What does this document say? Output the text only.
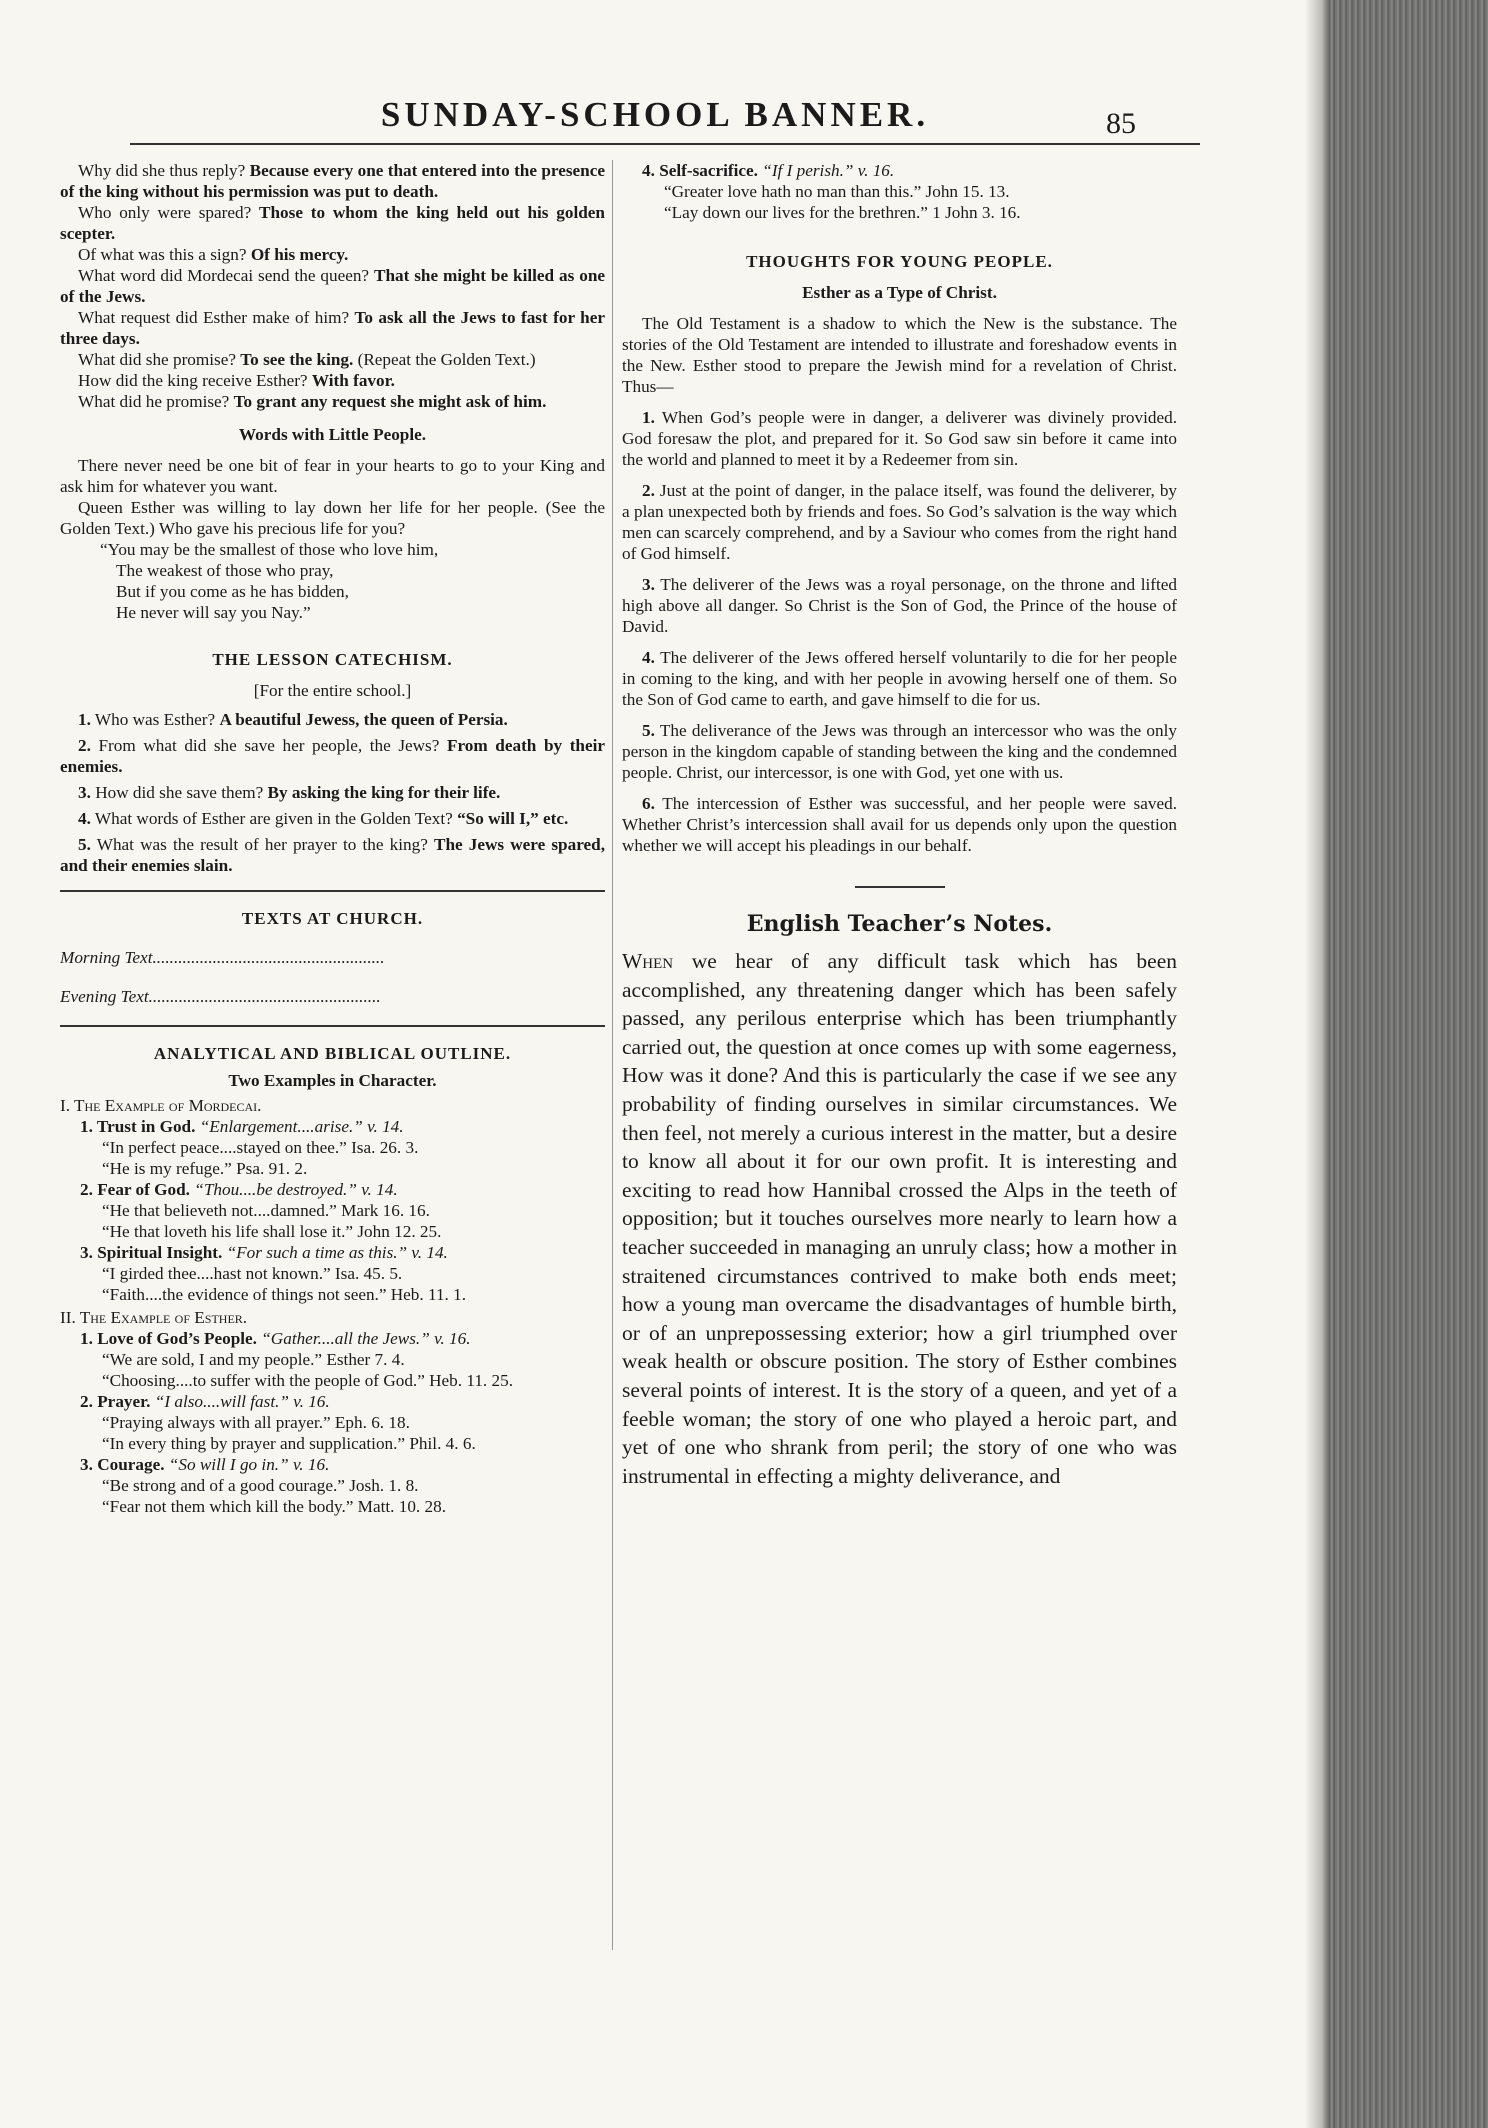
SUNDAY-SCHOOL BANNER.	85

Why did she thus reply? Because every one that entered into the presence of the king without his permission was put to death.

Who only were spared? Those to whom the king held out his golden scepter.

Of what was this a sign? Of his mercy.

What word did Mordecai send the queen? That she might be killed as one of the Jews.

What request did Esther make of him? To ask all the Jews to fast for her three days.

What did she promise? To see the king. (Repeat the Golden Text.)

How did the king receive Esther? With favor.

What did he promise? To grant any request she might ask of him.

Words with Little People.

There never need be one bit of fear in your hearts to go to your King and ask him for whatever you want.

Queen Esther was willing to lay down her life for her people. (See the Golden Text.) Who gave his precious life for you?

“You may be the smallest of those who love him,
The weakest of those who pray,
But if you come as he has bidden,
He never will say you Nay.”
THE LESSON CATECHISM.
[For the entire school.]

1. Who was Esther? A beautiful Jewess, the queen of Persia.

2. From what did she save her people, the Jews? From death by their enemies.

3. How did she save them? By asking the king for their life.

4. What words of Esther are given in the Golden Text? “So will I,” etc.

5. What was the result of her prayer to the king? The Jews were spared, and their enemies slain.

TEXTS AT CHURCH.
Morning Text......................................................
Evening Text......................................................
ANALYTICAL AND BIBLICAL OUTLINE.
Two Examples in Character.
I. The Example of Mordecai.
1. Trust in God. “Enlargement....arise.” v. 14.
“In perfect peace....stayed on thee.” Isa. 26. 3.
“He is my refuge.” Psa. 91. 2.
2. Fear of God. “Thou....be destroyed.” v. 14.
“He that believeth not....damned.” Mark 16. 16.
“He that loveth his life shall lose it.” John 12. 25.
3. Spiritual Insight. “For such a time as this.” v. 14.
“I girded thee....hast not known.” Isa. 45. 5.
“Faith....the evidence of things not seen.” Heb. 11. 1.
II. The Example of Esther.
1. Love of God’s People. “Gather....all the Jews.” v. 16.
“We are sold, I and my people.” Esther 7. 4.
“Choosing....to suffer with the people of God.” Heb. 11. 25.
2. Prayer. “I also....will fast.” v. 16.
“Praying always with all prayer.” Eph. 6. 18.
“In every thing by prayer and supplication.” Phil. 4. 6.
3. Courage. “So will I go in.” v. 16.
“Be strong and of a good courage.” Josh. 1. 8.
“Fear not them which kill the body.” Matt. 10. 28.
4. Self-sacrifice. “If I perish.” v. 16.
“Greater love hath no man than this.” John 15. 13.
“Lay down our lives for the brethren.” 1 John 3. 16.
THOUGHTS FOR YOUNG PEOPLE.
Esther as a Type of Christ.

The Old Testament is a shadow to which the New is the substance. The stories of the Old Testament are intended to illustrate and foreshadow events in the New. Esther stood to prepare the Jewish mind for a revelation of Christ. Thus—

1. When God’s people were in danger, a deliverer was divinely provided. God foresaw the plot, and prepared for it. So God saw sin before it came into the world and planned to meet it by a Redeemer from sin.

2. Just at the point of danger, in the palace itself, was found the deliverer, by a plan unexpected both by friends and foes. So God’s salvation is the way which men can scarcely comprehend, and by a Saviour who comes from the right hand of God himself.

3. The deliverer of the Jews was a royal personage, on the throne and lifted high above all danger. So Christ is the Son of God, the Prince of the house of David.

4. The deliverer of the Jews offered herself voluntarily to die for her people in coming to the king, and with her people in avowing herself one of them. So the Son of God came to earth, and gave himself to die for us.

5. The deliverance of the Jews was through an intercessor who was the only person in the kingdom capable of standing between the king and the condemned people. Christ, our intercessor, is one with God, yet one with us.

6. The intercession of Esther was successful, and her people were saved. Whether Christ’s intercession shall avail for us depends only upon the question whether we will accept his pleadings in our behalf.

English Teacher’s Notes.

When we hear of any difficult task which has been accomplished, any threatening danger which has been safely passed, any perilous enterprise which has been triumphantly carried out, the question at once comes up with some eagerness, How was it done? And this is particularly the case if we see any probability of finding ourselves in similar circumstances. We then feel, not merely a curious interest in the matter, but a desire to know all about it for our own profit. It is interesting and exciting to read how Hannibal crossed the Alps in the teeth of opposition; but it touches ourselves more nearly to learn how a teacher succeeded in managing an unruly class; how a mother in straitened circumstances contrived to make both ends meet; how a young man overcame the disadvantages of humble birth, or of an unprepossessing exterior; how a girl triumphed over weak health or obscure position. The story of Esther combines several points of interest. It is the story of a queen, and yet of a feeble woman; the story of one who played a heroic part, and yet of one who shrank from peril; the story of one who was instrumental in effecting a mighty deliverance, and
